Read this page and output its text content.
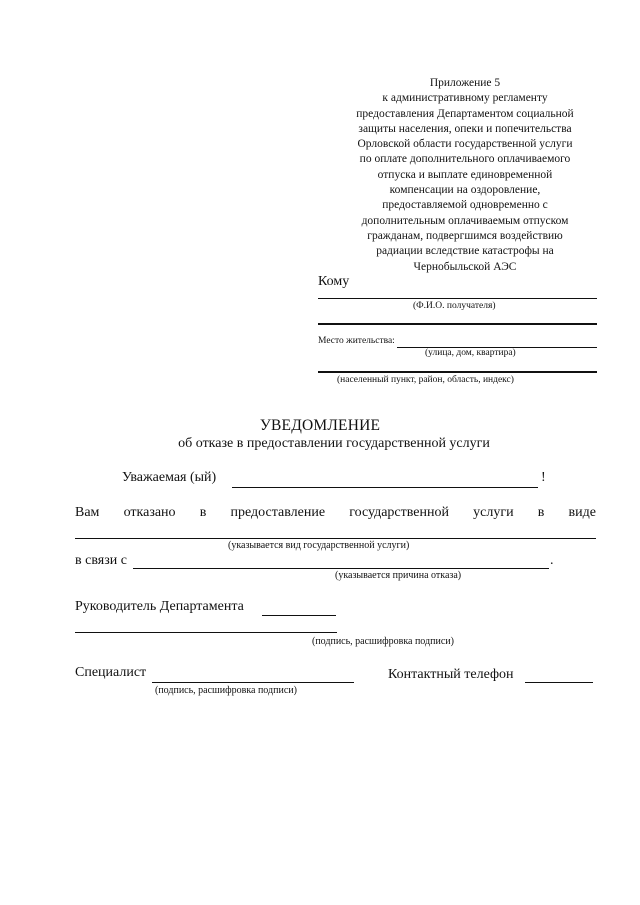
Приложение 5
к административному регламенту
предоставления Департаментом социальной
защиты населения, опеки и попечительства
Орловской области государственной услуги
по оплате дополнительного оплачиваемого
отпуска и выплате единовременной
компенсации на оздоровление,
предоставляемой одновременно с
дополнительным оплачиваемым отпуском
гражданам, подвергшимся воздействию
радиации вследствие катастрофы на
Чернобыльской АЭС
Кому
(Ф.И.О. получателя)
Место жительства:
(улица, дом, квартира)
(населенный пункт, район, область, индекс)
УВЕДОМЛЕНИЕ
об отказе в предоставлении государственной услуги
Уважаемая (ый)	!
Вам отказано в предоставление государственной услуги в виде
(указывается вид государственной услуги)
в связи с	.
(указывается причина отказа)
Руководитель Департамента
(подпись, расшифровка подписи)
Специалист
(подпись, расшифровка подписи)
Контактный телефон
